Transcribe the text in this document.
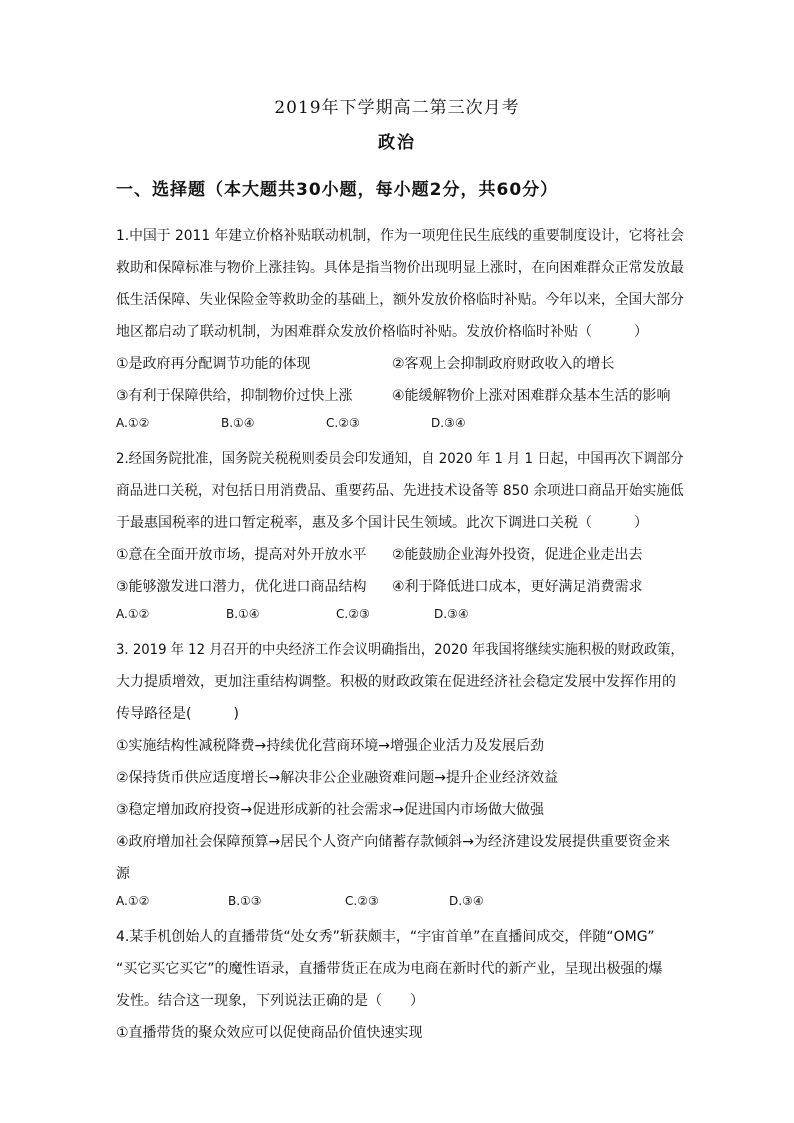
2019年下学期高二第三次月考
政治
一、选择题（本大题共30小题，每小题2分，共60分）
1.中国于 2011 年建立价格补贴联动机制，作为一项兜住民生底线的重要制度设计，它将社会
救助和保障标准与物价上涨挂钩。具体是指当物价出现明显上涨时，在向困难群众正常发放最
低生活保障、失业保险金等救助金的基础上，额外发放价格临时补贴。今年以来，全国大部分
地区都启动了联动机制，为困难群众发放价格临时补贴。发放价格临时补贴（　　　）
①是政府再分配调节功能的体现	②客观上会抑制政府财政收入的增长
③有利于保障供给，抑制物价过快上涨	④能缓解物价上涨对困难群众基本生活的影响
A.①②	B.①④	C.②③	D.③④
2.经国务院批准，国务院关税税则委员会印发通知，自 2020 年 1 月 1 日起，中国再次下调部分
商品进口关税，对包括日用消费品、重要药品、先进技术设备等 850 余项进口商品开始实施低
于最惠国税率的进口暂定税率，惠及多个国计民生领域。此次下调进口关税（　　　）
①意在全面开放市场，提高对外开放水平 ②能鼓励企业海外投资，促进企业走出去
③能够激发进口潜力，优化进口商品结构 ④利于降低进口成本，更好满足消费需求
A.①②	B.①④	C.②③	D.③④
3. 2019 年 12 月召开的中央经济工作会议明确指出，2020 年我国将继续实施积极的财政政策，
大力提质增效，更加注重结构调整。积极的财政政策在促进经济社会稳定发展中发挥作用的
传导路径是(　　　)
①实施结构性减税降费→持续优化营商环境→增强企业活力及发展后劲
②保持货币供应适度增长→解决非公企业融资难问题→提升企业经济效益
③稳定增加政府投资→促进形成新的社会需求→促进国内市场做大做强
④政府增加社会保障预算→居民个人资产向储蓄存款倾斜→为经济建设发展提供重要资金来
源
A.①②	B.①③	C.②③	D.③④
4.某手机创始人的直播带货“处女秀”斩获颇丰，“宇宙首单”在直播间成交，伴随“OMG”
“买它买它买它”的魔性语录，直播带货正在成为电商在新时代的新产业，呈现出极强的爆
发性。结合这一现象，下列说法正确的是（　　）
①直播带货的聚众效应可以促使商品价值快速实现
